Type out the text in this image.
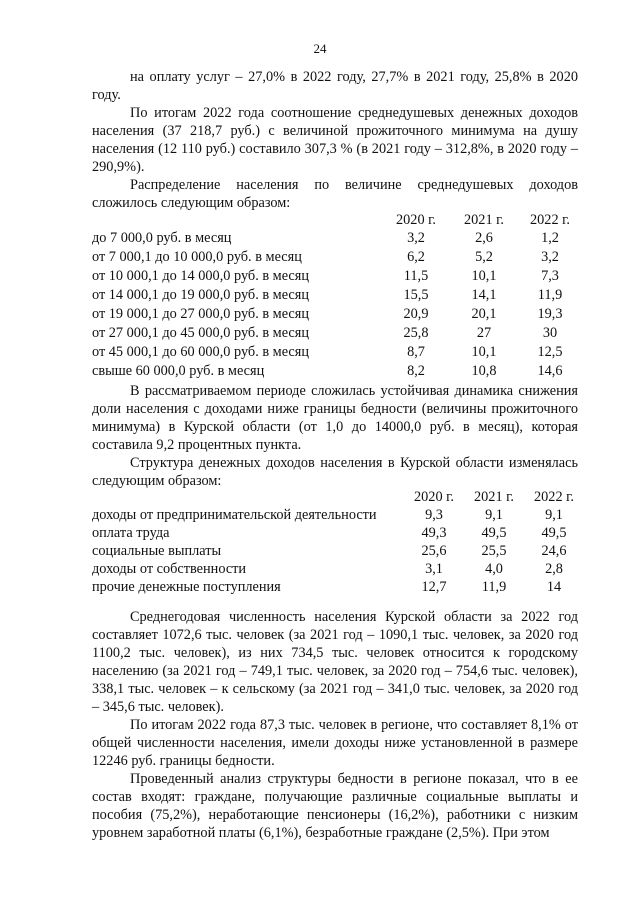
24
на оплату услуг – 27,0% в 2022 году, 27,7% в 2021 году, 25,8% в 2020 году.
По итогам 2022 года соотношение среднедушевых денежных доходов населения (37 218,7 руб.) с величиной прожиточного минимума на душу населения (12 110 руб.) составило 307,3 % (в 2021 году – 312,8%, в 2020 году – 290,9%).
Распределение населения по величине среднедушевых доходов сложилось следующим образом:
2020 г.	2021 г.	2022 г.
до 7 000,0 руб. в месяц	3,2	2,6	1,2
от 7 000,1 до 10 000,0 руб. в месяц	6,2	5,2	3,2
от 10 000,1 до 14 000,0 руб. в месяц	11,5	10,1	7,3
от 14 000,1 до 19 000,0 руб. в месяц	15,5	14,1	11,9
от 19 000,1 до 27 000,0 руб. в месяц	20,9	20,1	19,3
от 27 000,1 до 45 000,0 руб. в месяц	25,8	27	30
от 45 000,1 до 60 000,0 руб. в месяц	8,7	10,1	12,5
свыше 60 000,0 руб. в месяц	8,2	10,8	14,6
В рассматриваемом периоде сложилась устойчивая динамика снижения доли населения с доходами ниже границы бедности (величины прожиточного минимума) в Курской области (от 1,0 до 14000,0 руб. в месяц), которая составила 9,2 процентных пункта.
Структура денежных доходов населения в Курской области изменялась следующим образом:
2020 г.	2021 г.	2022 г.
доходы от предпринимательской деятельности	9,3	9,1	9,1
оплата труда	49,3	49,5	49,5
социальные выплаты	25,6	25,5	24,6
доходы от собственности	3,1	4,0	2,8
прочие денежные поступления	12,7	11,9	14
Среднегодовая численность населения Курской области за 2022 год составляет 1072,6 тыс. человек (за 2021 год – 1090,1 тыс. человек, за 2020 год 1100,2 тыс. человек), из них 734,5 тыс. человек относится к городскому населению (за 2021 год – 749,1 тыс. человек, за 2020 год – 754,6 тыс. человек), 338,1 тыс. человек – к сельскому (за 2021 год – 341,0 тыс. человек, за 2020 год – 345,6 тыс. человек).
По итогам 2022 года 87,3 тыс. человек в регионе, что составляет 8,1% от общей численности населения, имели доходы ниже установленной в размере 12246 руб. границы бедности.
Проведенный анализ структуры бедности в регионе показал, что в ее состав входят: граждане, получающие различные социальные выплаты и пособия (75,2%), неработающие пенсионеры (16,2%), работники с низким уровнем заработной платы (6,1%), безработные граждане (2,5%). При этом
